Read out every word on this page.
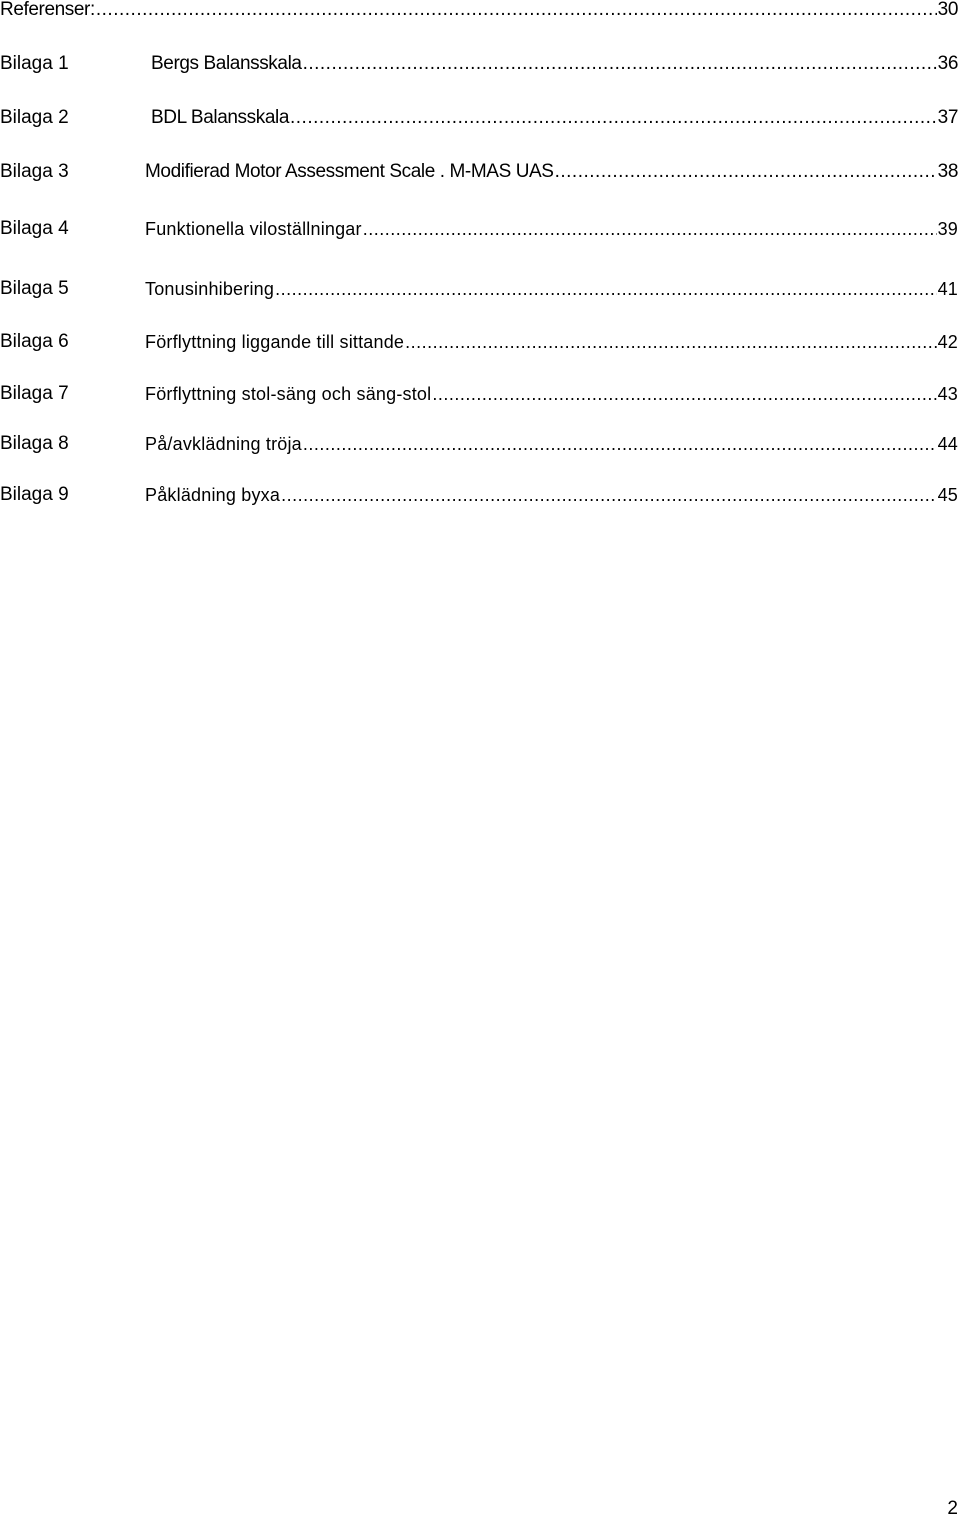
Referenser: .....	30
Bilaga 1	Bergs Balansskala .....	36
Bilaga 2	BDL Balansskala .....	37
Bilaga 3	Modifierad Motor Assessment Scale . M-MAS UAS .....	38
Bilaga 4	Funktionella viloställningar .....	39
Bilaga 5	Tonusinhibering .....	41
Bilaga 6	Förflyttning liggande till sittande .....	42
Bilaga 7	Förflyttning stol-säng och säng-stol .....	43
Bilaga 8	På/avklädning tröja .....	44
Bilaga 9	Påklädning byxa .....	45
2
